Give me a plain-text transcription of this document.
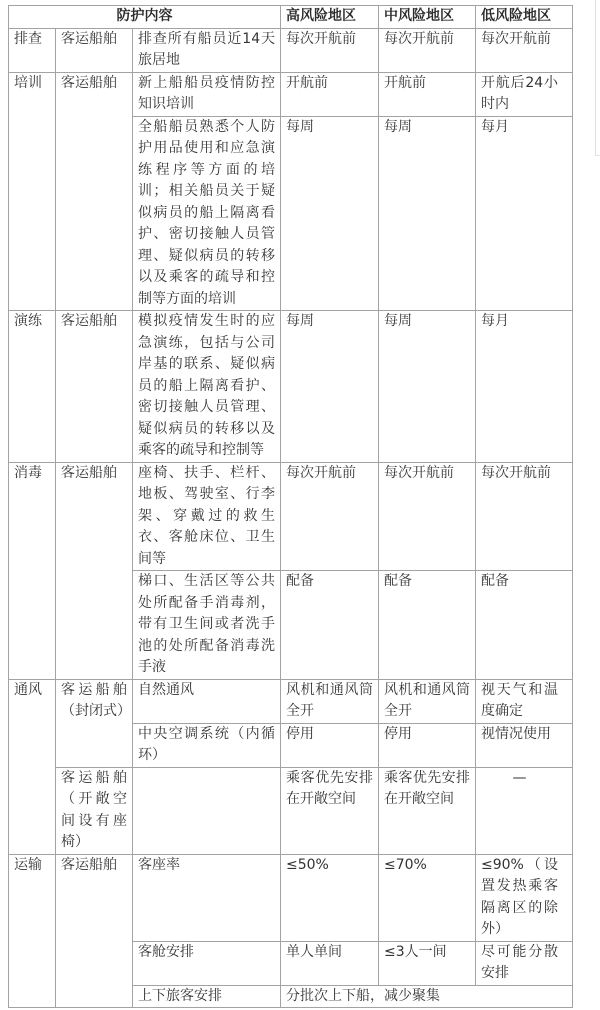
防护内容			高风险地区	中风险地区	低风险地区
排查	客运船舶	排查所有船员近14天旅居地	每次开航前	每次开航前	每次开航前
培训	客运船舶	新上船船员疫情防控知识培训	开航前	开航前	开航后24小时内
		全船船员熟悉个人防护用品使用和应急演练程序等方面的培训；相关船员关于疑似病员的船上隔离看护、密切接触人员管理、疑似病员的转移以及乘客的疏导和控制等方面的培训	每周	每周	每月
演练	客运船舶	模拟疫情发生时的应急演练，包括与公司岸基的联系、疑似病员的船上隔离看护、密切接触人员管理、疑似病员的转移以及乘客的疏导和控制等	每周	每周	每月
消毒	客运船舶	座椅、扶手、栏杆、地板、驾驶室、行李架、穿戴过的救生衣、客舱床位、卫生间等	每次开航前	每次开航前	每次开航前
		梯口、生活区等公共处所配备手消毒剂，带有卫生间或者洗手池的处所配备消毒洗手液	配备	配备	配备
通风	客运船舶（封闭式）	自然通风	风机和通风筒全开	风机和通风筒全开	视天气和温度确定
		中央空调系统（内循环）	停用	停用	视情况使用
	客运船舶（开敞空间设有座椅）		乘客优先安排在开敞空间	乘客优先安排在开敞空间	—
运输	客运船舶	客座率	≤50%	≤70%	≤90%（设置发热乘客隔离区的除外）
		客舱安排	单人单间	≤3人一间	尽可能分散安排
		上下旅客安排	分批次上下船，减少聚集		
